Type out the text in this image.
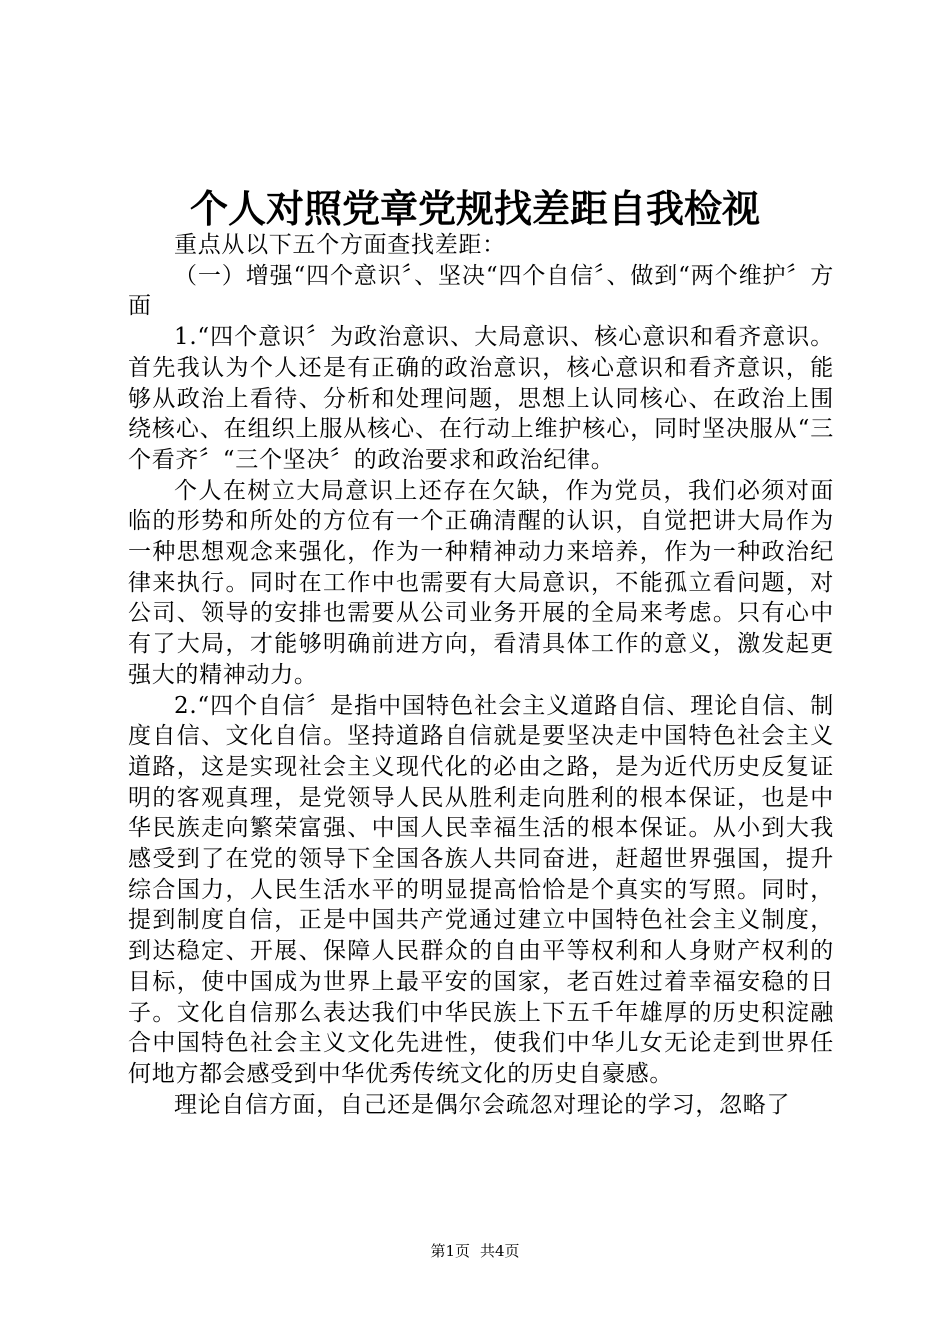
个人对照党章党规找差距自我检视

重点从以下五个方面查找差距：

（一）增强“四个意识〞、坚决“四个自信〞、做到“两个维护〞方面

1.“四个意识〞为政治意识、大局意识、核心意识和看齐意识。首先我认为个人还是有正确的政治意识，核心意识和看齐意识，能够从政治上看待、分析和处理问题，思想上认同核心、在政治上围绕核心、在组织上服从核心、在行动上维护核心，同时坚决服从“三个看齐〞“三个坚决〞的政治要求和政治纪律。

个人在树立大局意识上还存在欠缺，作为党员，我们必须对面临的形势和所处的方位有一个正确清醒的认识，自觉把讲大局作为一种思想观念来强化，作为一种精神动力来培养，作为一种政治纪律来执行。同时在工作中也需要有大局意识，不能孤立看问题，对公司、领导的安排也需要从公司业务开展的全局来考虑。只有心中有了大局，才能够明确前进方向，看清具体工作的意义，激发起更强大的精神动力。

2.“四个自信〞是指中国特色社会主义道路自信、理论自信、制度自信、文化自信。坚持道路自信就是要坚决走中国特色社会主义道路，这是实现社会主义现代化的必由之路，是为近代历史反复证明的客观真理，是党领导人民从胜利走向胜利的根本保证，也是中华民族走向繁荣富强、中国人民幸福生活的根本保证。从小到大我感受到了在党的领导下全国各族人共同奋进，赶超世界强国，提升综合国力，人民生活水平的明显提高恰恰是个真实的写照。同时，提到制度自信，正是中国共产党通过建立中国特色社会主义制度，到达稳定、开展、保障人民群众的自由平等权利和人身财产权利的目标，使中国成为世界上最平安的国家，老百姓过着幸福安稳的日子。文化自信那么表达我们中华民族上下五千年雄厚的历史积淀融合中国特色社会主义文化先进性，使我们中华儿女无论走到世界任何地方都会感受到中华优秀传统文化的历史自豪感。

理论自信方面，自己还是偶尔会疏忽对理论的学习，忽略了

第1页 共4页
